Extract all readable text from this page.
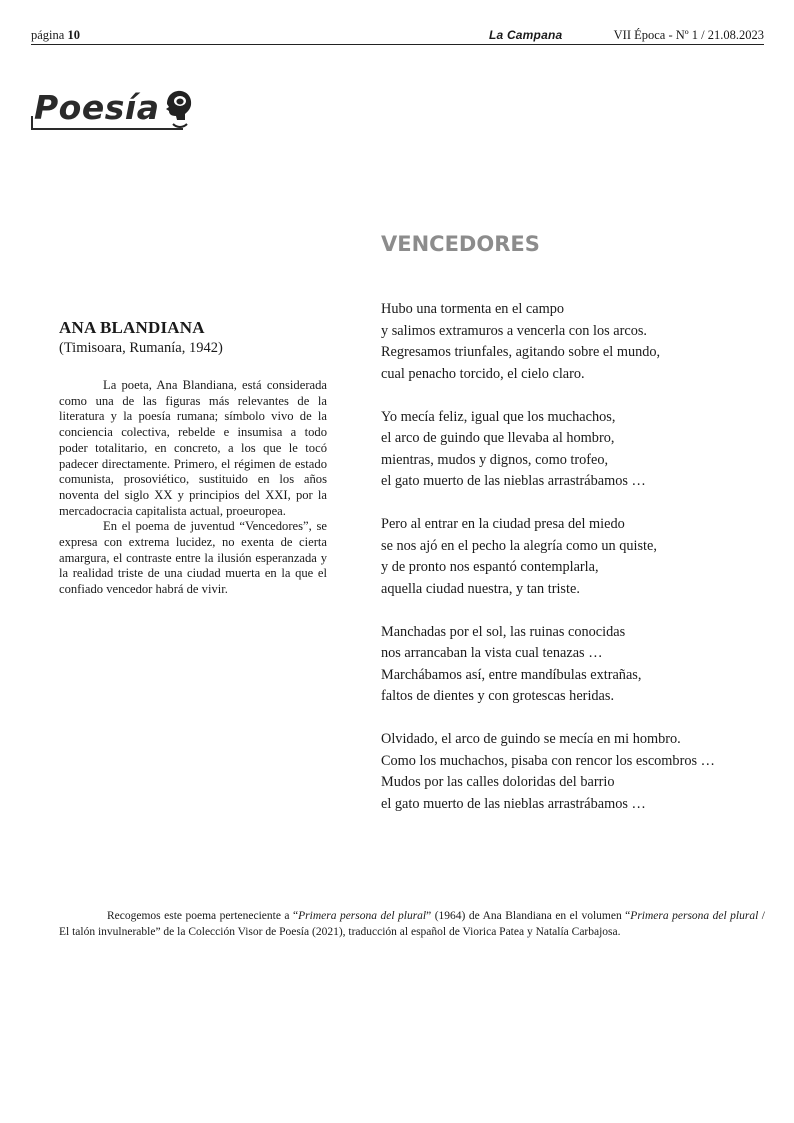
página 10	La Campana	VII Época - Nº 1 / 21.08.2023
Poesía
VENCEDORES
ANA BLANDIANA
(Timisoara, Rumanía, 1942)

La poeta, Ana Blandiana, está considerada como una de las figuras más relevantes de la literatura y la poesía rumana; símbolo vivo de la conciencia colectiva, rebelde e insumisa a todo poder totalitario, en concreto, a los que le tocó padecer directamente. Primero, el régimen de estado comunista, prosoviético, sustituido en los años noventa del siglo XX y principios del XXI, por la mercadocracia capitalista actual, proeuropea.

En el poema de juventud “Vencedores”, se expresa con extrema lucidez, no exenta de cierta amargura, el contraste entre la ilusión esperanzada y la realidad triste de una ciudad muerta en la que el confiado vencedor habrá de vivir.

Hubo una tormenta en el campo
y salimos extramuros a vencerla con los arcos.
Regresamos triunfales, agitando sobre el mundo,
cual penacho torcido, el cielo claro.
Yo mecía feliz, igual que los muchachos,
el arco de guindo que llevaba al hombro,
mientras, mudos y dignos, como trofeo,
el gato muerto de las nieblas arrastrábamos …
Pero al entrar en la ciudad presa del miedo
se nos ajó en el pecho la alegría como un quiste,
y de pronto nos espantó contemplarla,
aquella ciudad nuestra, y tan triste.
Manchadas por el sol, las ruinas conocidas
nos arrancaban la vista cual tenazas …
Marchábamos así, entre mandíbulas extrañas,
faltos de dientes y con grotescas heridas.
Olvidado, el arco de guindo se mecía en mi hombro.
Como los muchachos, pisaba con rencor los escombros …
Mudos por las calles doloridas del barrio
el gato muerto de las nieblas arrastrábamos …

Recogemos este poema perteneciente a “Primera persona del plural” (1964) de Ana Blandiana en el volumen “Primera persona del plural / El talón invulnerable” de la Colección Visor de Poesía (2021), traducción al español de Viorica Patea y Natalía Carbajosa.
